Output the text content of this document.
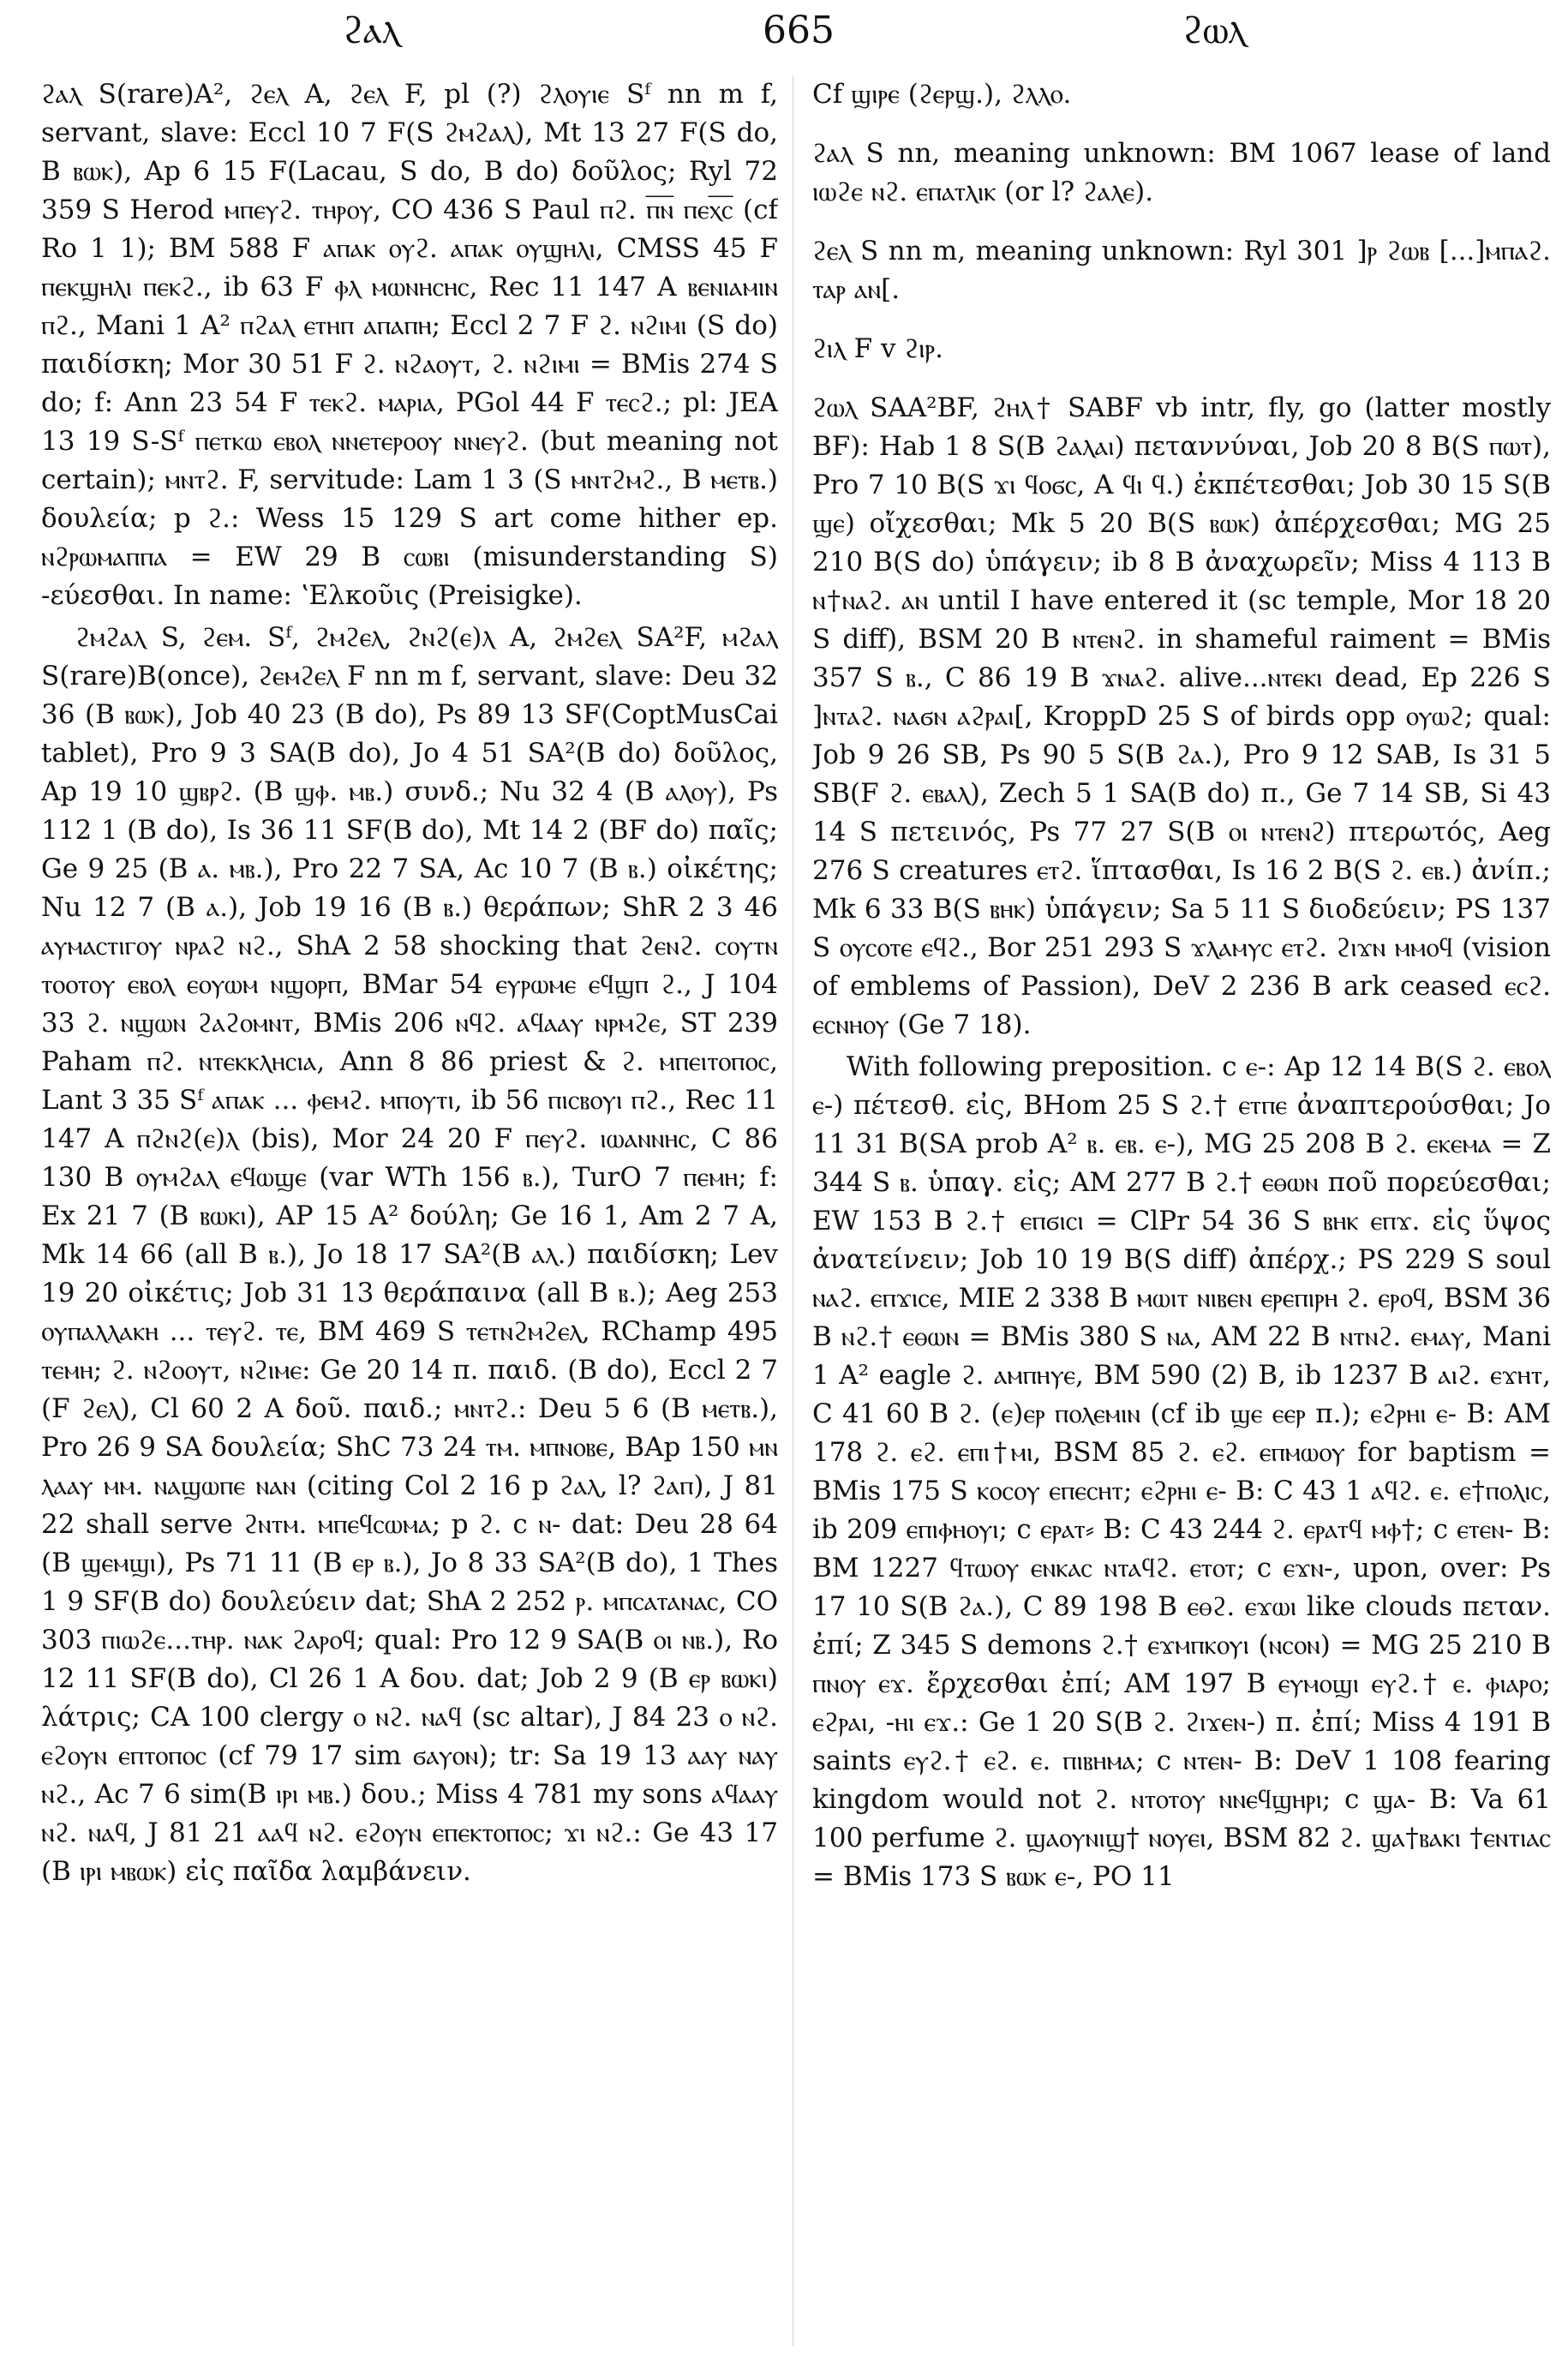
ϩⲁⲗ	665	ϩⲱⲗ

ϩⲁⲗ S(rare)A², ϩⲉⲗ A, ϩⲉⲗ F, pl (?) ϩⲗⲟⲩⲓⲉ Sᶠ nn m f, servant, slave: Eccl 10 7 F(S ϩⲙϩⲁⲗ), Mt 13 27 F(S do, B ⲃⲱⲕ), Ap 6 15 F(Lacau, S do, B do) δοῦλος; Ryl 72 359 S Herod ⲙⲡⲉⲩϩ. ⲧⲏⲣⲟⲩ, CO 436 S Paul ⲡϩ. ⲡ︦ⲛ︦ ⲡⲉⲭ︦ⲥ︦ (cf Ro 1 1); BM 588 F ⲁⲡⲁⲕ ⲟⲩϩ. ⲁⲡⲁⲕ ⲟⲩϣⲏⲗⲓ, CMSS 45 F ⲡⲉⲕϣⲏⲗⲓ ⲡⲉⲕϩ., ib 63 F ⲫⲗ ⲙⲱⲛⲏⲥⲏⲥ, Rec 11 147 A ⲃⲉⲛⲓⲁⲙⲓⲛ ⲡϩ., Mani 1 A² ⲡϩⲁⲗ ⲉⲧⲏⲡ ⲁⲡⲁⲡⲏ; Eccl 2 7 F ϩ. ⲛϩⲓⲙⲓ (S do) παιδίσκη; Mor 30 51 F ϩ. ⲛϩⲁⲟⲩⲧ, ϩ. ⲛϩⲓⲙⲓ = BMis 274 S do; f: Ann 23 54 F ⲧⲉⲕϩ. ⲙⲁⲣⲓⲁ, PGol 44 F ⲧⲉⲥϩ.; pl: JEA 13 19 S-Sᶠ ⲡⲉⲧⲕⲱ ⲉⲃⲟⲗ ⲛⲛⲉⲧⲉⲣⲟⲟⲩ ⲛⲛⲉⲩϩ. (but meaning not certain); ⲙⲛⲧϩ. F, servitude: Lam 1 3 (S ⲙⲛⲧϩⲙϩ., B ⲙⲉⲧⲃ.) δουλεία; p ϩ.: Wess 15 129 S art come hither ep. ⲛϩⲣⲱⲙⲁⲡⲡⲁ = EW 29 B ⲥⲱⲃⲓ (misunderstanding S) -εύεσθαι. In name: ʽΕλκοῦις (Preisigke).

ϩⲙϩⲁⲗ S, ϩⲉⲙ. Sᶠ, ϩⲙϩⲉⲗ, ϩⲛϩ(ⲉ)ⲗ A, ϩⲙϩⲉⲗ SA²F, ⲙϩⲁⲗ S(rare)B(once), ϩⲉⲙϩⲉⲗ F nn m f, servant, slave: Deu 32 36 (B ⲃⲱⲕ), Job 40 23 (B do), Ps 89 13 SF(CoptMusCai tablet), Pro 9 3 SA(B do), Jo 4 51 SA²(B do) δοῦλος, Ap 19 10 ϣⲃⲣϩ. (B ϣⲫ. ⲙⲃ.) συνδ.; Nu 32 4 (B ⲁⲗⲟⲩ), Ps 112 1 (B do), Is 36 11 SF(B do), Mt 14 2 (BF do) παῖς; Ge 9 25 (B ⲁ. ⲙⲃ.), Pro 22 7 SA, Ac 10 7 (B ⲃ.) οἰκέτης; Nu 12 7 (B ⲁ.), Job 19 16 (B ⲃ.) θεράπων; ShR 2 3 46 ⲁⲩⲙⲁⲥⲧⲓⲅⲟⲩ ⲛⲣⲁϩ ⲛϩ., ShA 2 58 shocking that ϩⲉⲛϩ. ⲥⲟⲩⲧⲛ ⲧⲟⲟⲧⲟⲩ ⲉⲃⲟⲗ ⲉⲟⲩⲱⲙ ⲛϣⲟⲣⲡ, BMar 54 ⲉⲩⲣⲱⲙⲉ ⲉϥϣⲡ ϩ., J 104 33 ϩ. ⲛϣⲱⲛ ϩⲁϩⲟⲙⲛⲧ, BMis 206 ⲛϥϩ. ⲁϥⲁⲁⲩ ⲛⲣⲙϩⲉ, ST 239 Paham ⲡϩ. ⲛⲧⲉⲕⲕⲗⲏⲥⲓⲁ, Ann 8 86 priest & ϩ. ⲙⲡⲉⲓⲧⲟⲡⲟⲥ, Lant 3 35 Sᶠ ⲁⲡⲁⲕ ... ⲫⲉⲙϩ. ⲙⲡⲟⲩⲧⲓ, ib 56 ⲡⲓⲥⲃⲟⲩⲓ ⲡϩ., Rec 11 147 A ⲡϩⲛϩ(ⲉ)ⲗ (bis), Mor 24 20 F ⲡⲉⲩϩ. ⲓⲱⲁⲛⲛⲏⲥ, C 86 130 B ⲟⲩⲙϩⲁⲗ ⲉϥⲱϣⲉ (var WTh 156 ⲃ.), TurO 7 ⲡⲉⲙⲏ; f: Ex 21 7 (B ⲃⲱⲕⲓ), AP 15 A² δούλη; Ge 16 1, Am 2 7 A, Mk 14 66 (all B ⲃ.), Jo 18 17 SA²(B ⲁⲗ.) παιδίσκη; Lev 19 20 οἰκέτις; Job 31 13 θεράπαινα (all B ⲃ.); Aeg 253 ⲟⲩⲡⲁⲗⲗⲁⲕⲏ ... ⲧⲉⲩϩ. ⲧⲉ, BM 469 S ⲧⲉⲧⲛϩⲙϩⲉⲗ, RChamp 495 ⲧⲉⲙⲏ; ϩ. ⲛϩⲟⲟⲩⲧ, ⲛϩⲓⲙⲉ: Ge 20 14 π. παιδ. (B do), Eccl 2 7 (F ϩⲉⲗ), Cl 60 2 A δοῦ. παιδ.; ⲙⲛⲧϩ.: Deu 5 6 (B ⲙⲉⲧⲃ.), Pro 26 9 SA δουλεία; ShC 73 24 ⲧⲙ. ⲙⲡⲛⲟⲃⲉ, BAp 150 ⲙⲛ ⲗⲁⲁⲩ ⲙⲙ. ⲛⲁϣⲱⲡⲉ ⲛⲁⲛ (citing Col 2 16 p ϩⲁⲗ, l? ϩⲁⲡ), J 81 22 shall serve ϩⲛⲧⲙ. ⲙⲡⲉϥⲥⲱⲙⲁ; p ϩ. c ⲛ- dat: Deu 28 64 (B ϣⲉⲙϣⲓ), Ps 71 11 (B ⲉⲣ ⲃ.), Jo 8 33 SA²(B do), 1 Thes 1 9 SF(B do) δουλεύειν dat; ShA 2 252 ⲣ. ⲙⲡⲥⲁⲧⲁⲛⲁⲥ, CO 303 ⲡⲓⲱϩⲉ...ⲧⲏⲣ. ⲛⲁⲕ ϩⲁⲣⲟϥ; qual: Pro 12 9 SA(B ⲟⲓ ⲛⲃ.), Ro 12 11 SF(B do), Cl 26 1 A δου. dat; Job 2 9 (B ⲉⲣ ⲃⲱⲕⲓ) λάτρις; CA 100 clergy ⲟ ⲛϩ. ⲛⲁϥ (sc altar), J 84 23 ⲟ ⲛϩ. ⲉϩⲟⲩⲛ ⲉⲡⲧⲟⲡⲟⲥ (cf 79 17 sim ϭⲁⲩⲟⲛ); tr: Sa 19 13 ⲁⲁⲩ ⲛⲁⲩ ⲛϩ., Ac 7 6 sim(B ⲓⲣⲓ ⲙⲃ.) δου.; Miss 4 781 my sons ⲁϥⲁⲁⲩ ⲛϩ. ⲛⲁϥ, J 81 21 ⲁⲁϥ ⲛϩ. ⲉϩⲟⲩⲛ ⲉⲡⲉⲕⲧⲟⲡⲟⲥ; ϫⲓ ⲛϩ.: Ge 43 17 (B ⲓⲣⲓ ⲙⲃⲱⲕ) εἰς παῖδα λαμβάνειν.

Cf ϣⲓⲣⲉ (ϩⲉⲣϣ.), ϩⲗⲗⲟ.

ϩⲁⲗ S nn, meaning unknown: BM 1067 lease of land ⲓⲱϩⲉ ⲛϩ. ⲉⲡⲁⲧⲗⲓⲕ (or l? ϩⲁⲗⲉ).

ϩⲉⲗ S nn m, meaning unknown: Ryl 301 ]ⲣ ϩⲱⲃ [...]ⲙⲡⲁϩ. ⲧⲁⲣ ⲁⲛ[.

ϩⲓⲗ F v ϩⲓⲣ.

ϩⲱⲗ SAA²BF, ϩⲏⲗ† SABF vb intr, fly, go (latter mostly BF): Hab 1 8 S(B ϩⲁⲗⲁⲓ) πεταννύναι, Job 20 8 B(S ⲡⲱⲧ), Pro 7 10 B(S ϫⲓ ϥⲟϭⲥ, A ϥⲓ ϥ.) ἐκπέτεσθαι; Job 30 15 S(B ϣⲉ) οἴχεσθαι; Mk 5 20 B(S ⲃⲱⲕ) ἀπέρχεσθαι; MG 25 210 B(S do) ὑπάγειν; ib 8 B ἀναχωρεῖν; Miss 4 113 B ⲛ†ⲛⲁϩ. ⲁⲛ until I have entered it (sc temple, Mor 18 20 S diff), BSM 20 B ⲛⲧⲉⲛϩ. in shameful raiment = BMis 357 S ⲃ., C 86 19 B ϫⲛⲁϩ. alive...ⲛⲧⲉⲕⲓ dead, Ep 226 S ]ⲛⲧⲁϩ. ⲛⲁϭⲛ ⲁϩⲣⲁⲓ[, KroppD 25 S of birds opp ⲟⲩⲱϩ; qual: Job 9 26 SB, Ps 90 5 S(B ϩⲁ.), Pro 9 12 SAB, Is 31 5 SB(F ϩ. ⲉⲃⲁⲗ), Zech 5 1 SA(B do) π., Ge 7 14 SB, Si 43 14 S πετεινός, Ps 77 27 S(B ⲟⲓ ⲛⲧⲉⲛϩ) πτερωτός, Aeg 276 S creatures ⲉⲧϩ. ἵπτασθαι, Is 16 2 B(S ϩ. ⲉⲃ.) ἀνίπ.; Mk 6 33 B(S ⲃⲏⲕ) ὑπάγειν; Sa 5 11 S διοδεύειν; PS 137 S ⲟⲩⲥⲟⲧⲉ ⲉϥϩ., Bor 251 293 S ϫⲗⲁⲙⲩⲥ ⲉⲧϩ. ϩⲓϫⲛ ⲙⲙⲟϥ (vision of emblems of Passion), DeV 2 236 B ark ceased ⲉⲥϩ. ⲉⲥⲛⲏⲟⲩ (Ge 7 18).

With following preposition. c ⲉ-: Ap 12 14 B(S ϩ. ⲉⲃⲟⲗ ⲉ-) πέτεσθ. εἰς, BHom 25 S ϩ.† ⲉⲧⲡⲉ ἀναπτερούσθαι; Jo 11 31 B(SA prob A² ⲃ. ⲉⲃ. ⲉ-), MG 25 208 B ϩ. ⲉⲕⲉⲙⲁ = Z 344 S ⲃ. ὑπαγ. εἰς; AM 277 B ϩ.† ⲉⲑⲱⲛ ποῦ πορεύεσθαι; EW 153 B ϩ.† ⲉⲡϭⲓⲥⲓ = ClPr 54 36 S ⲃⲏⲕ ⲉⲡϫ. εἰς ὕψος ἀνατείνειν; Job 10 19 B(S diff) ἀπέρχ.; PS 229 S soul ⲛⲁϩ. ⲉⲡϫⲓⲥⲉ, MIE 2 338 B ⲙⲱⲓⲧ ⲛⲓⲃⲉⲛ ⲉⲣⲉⲡⲓⲣⲏ ϩ. ⲉⲣⲟϥ, BSM 36 B ⲛϩ.† ⲉⲑⲱⲛ = BMis 380 S ⲛⲁ, AM 22 B ⲛⲧⲛϩ. ⲉⲙⲁⲩ, Mani 1 A² eagle ϩ. ⲁⲙⲡⲏⲩⲉ, BM 590 (2) B, ib 1237 B ⲁⲓϩ. ⲉϫⲏⲧ, C 41 60 B ϩ. (ⲉ)ⲉⲣ ⲡⲟⲗⲉⲙⲓⲛ (cf ib ϣⲉ ⲉⲉⲣ π.); ⲉϩⲣⲏⲓ ⲉ- B: AM 178 ϩ. ⲉϩ. ⲉⲡⲓ†ⲙⲓ, BSM 85 ϩ. ⲉϩ. ⲉⲡⲙⲱⲟⲩ for baptism = BMis 175 S ⲕⲟⲥⲟⲩ ⲉⲡⲉⲥⲏⲧ; ⲉϩⲣⲏⲓ ⲉ- B: C 43 1 ⲁϥϩ. ⲉ. ⲉ†ⲡⲟⲗⲓⲥ, ib 209 ⲉⲡⲓⲫⲏⲟⲩⲓ; c ⲉⲣⲁⲧ⸗ B: C 43 244 ϩ. ⲉⲣⲁⲧϥ ⲙⲫ†; c ⲉⲧⲉⲛ- B: BM 1227 ϥⲧⲱⲟⲩ ⲉⲛⲕⲁⲥ ⲛⲧⲁϥϩ. ⲉⲧⲟⲧ; c ⲉϫⲛ-, upon, over: Ps 17 10 S(B ϩⲁ.), C 89 198 B ⲉⲑϩ. ⲉϫⲱⲓ like clouds πεταν. ἐπί; Z 345 S demons ϩ.† ⲉϫⲙⲡⲕⲟⲩⲓ (ⲛⲥⲟⲛ) = MG 25 210 B ⲡⲛⲟⲩ ⲉϫ. ἔρχεσθαι ἐπί; AM 197 B ⲉⲩⲙⲟϣⲓ ⲉⲩϩ.† ⲉ. ⲫⲓⲁⲣⲟ; ⲉϩⲣⲁⲓ, -ⲏⲓ ⲉϫ.: Ge 1 20 S(B ϩ. ϩⲓϫⲉⲛ-) π. ἐπί; Miss 4 191 B saints ⲉⲩϩ.† ⲉϩ. ⲉ. ⲡⲓⲃⲏⲙⲁ; c ⲛⲧⲉⲛ- B: DeV 1 108 fearing kingdom would not ϩ. ⲛⲧⲟⲧⲟⲩ ⲛⲛⲉϥϣⲏⲣⲓ; c ϣⲁ- B: Va 61 100 perfume ϩ. ϣⲁⲟⲩⲛⲓϣ† ⲛⲟⲩⲉⲓ, BSM 82 ϩ. ϣⲁ†ⲃⲁⲕⲓ †ⲉⲛⲧⲓⲁⲥ = BMis 173 S ⲃⲱⲕ ⲉ-, PO 11
